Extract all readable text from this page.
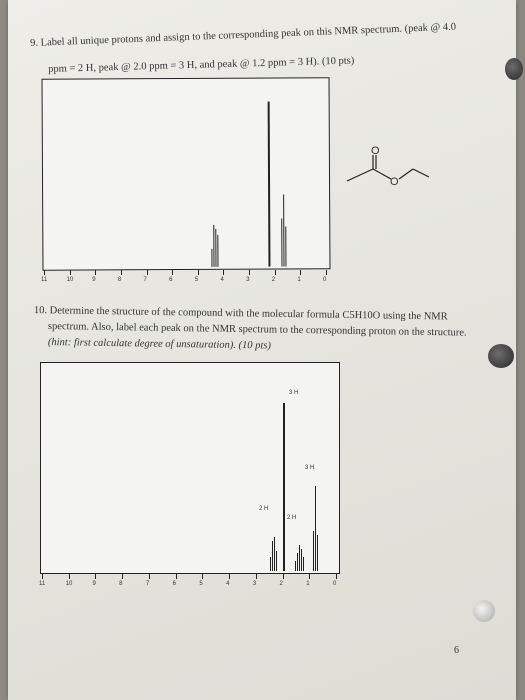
9. Label all unique protons and assign to the corresponding peak on this NMR spectrum. (peak @ 4.0
ppm = 2 H, peak @ 2.0 ppm = 3 H, and peak @ 1.2 ppm = 3 H). (10 pts)
11	10	9	8	7	6	5	4	3	2	1	0
O
O
10. Determine the structure of the compound with the molecular formula C5H10O using the NMR
spectrum. Also, label each peak on the NMR spectrum to the corresponding proton on the structure.
(hint: first calculate degree of unsaturation). (10 pts)
3 H
3 H
2 H
2 H
11	10	9	8	7	6	5	4	3	2	1	0
6
